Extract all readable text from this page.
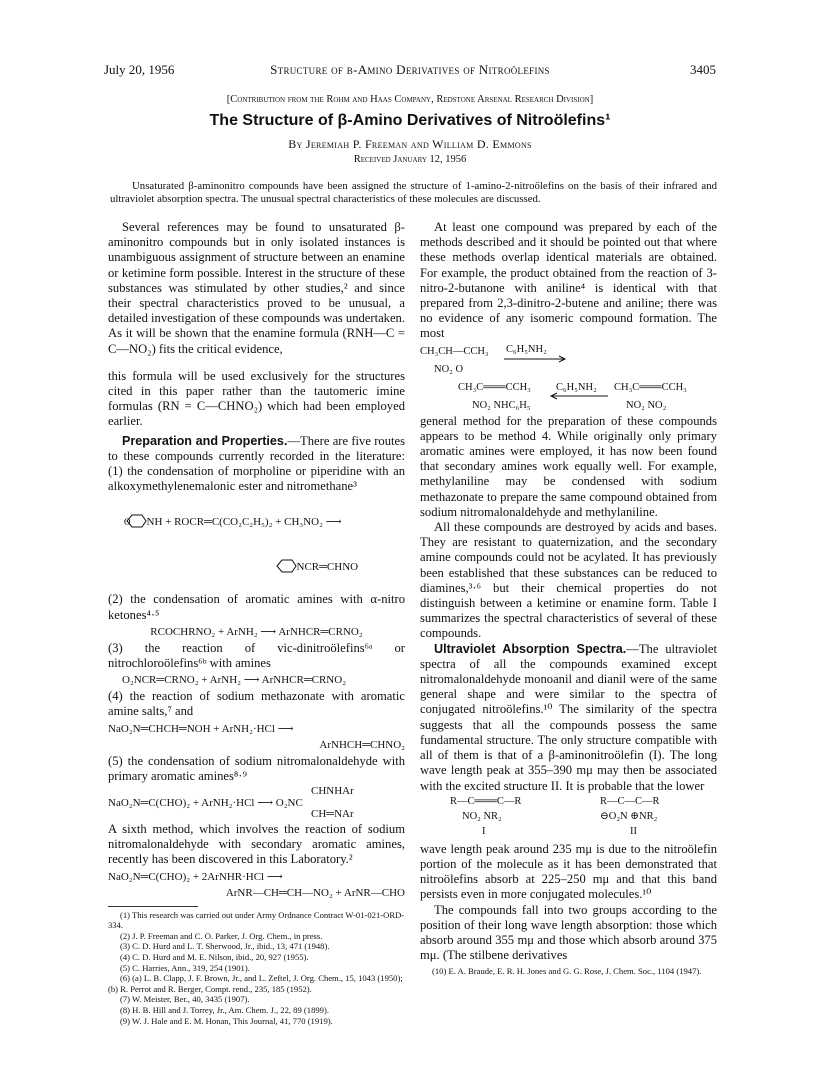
July 20, 1956	Structure of β-Amino Derivatives of Nitroölefins	3405
[Contribution from the Rohm and Haas Company, Redstone Arsenal Research Division]
The Structure of β-Amino Derivatives of Nitroölefins¹
By Jeremiah P. Freeman and William D. Emmons
Received January 12, 1956
Unsaturated β-aminonitro compounds have been assigned the structure of 1-amino-2-nitroölefins on the basis of their infrared and ultraviolet absorption spectra. The unusual spectral characteristics of these molecules are discussed.

Several references may be found to unsaturated β-aminonitro compounds but in only isolated instances is unambiguous assignment of structure between an enamine or ketimine form possible. Interest in the structure of these substances was stimulated by other studies,² and since their spectral characteristics proved to be unusual, a detailed investigation of these compounds was undertaken. As it will be shown that the enamine formula (RNH—C = C—NO₂) fits the critical evidence,

this formula will be used exclusively for the structures cited in this paper rather than the tautomeric imine formulas (RN = C—CHNO₂) which had been employed earlier.

Preparation and Properties.—There are five routes to these compounds currently recorded in the literature: (1) the condensation of morpholine or piperidine with an alkoxymethylenemalonic ester and nitromethane³

O NH + ROCR═C(CO₂C₂H₅)₂ + CH₃NO₂ ⟶

NCR═CHNO

(2) the condensation of aromatic amines with α-nitro ketones⁴·⁵

RCOCHRNO₂ + ArNH₂ ⟶ ArNHCR═CRNO₂

(3) the reaction of vic-dinitroölefins⁶ᵃ or nitrochloroölefins⁶ᵇ with amines

O₂NCR═CRNO₂ + ArNH₂ ⟶ ArNHCR═CRNO₂

(4) the reaction of sodium methazonate with aromatic amine salts,⁷ and

NaO₂N═CHCH═NOH + ArNH₂·HCl ⟶
ArNHCH═CHNO₂

(5) the condensation of sodium nitromalonaldehyde with primary aromatic amines⁸·⁹

CHNHAr

NaO₂N═C(CHO)₂ + ArNH₂·HCl ⟶ O₂NC

CH═NAr

A sixth method, which involves the reaction of sodium nitromalonaldehyde with secondary aromatic amines, recently has been discovered in this Laboratory.²

NaO₂N═C(CHO)₂ + 2ArNHR·HCl ⟶
ArNR—CH═CH—NO₂ + ArNR—CHO

(1) This research was carried out under Army Ordnance Contract W-01-021-ORD-334.

(2) J. P. Freeman and C. O. Parker, J. Org. Chem., in press.

(3) C. D. Hurd and L. T. Sherwood, Jr., ibid., 13, 471 (1948).

(4) C. D. Hurd and M. E. Nilson, ibid., 20, 927 (1955).

(5) C. Harries, Ann., 319, 254 (1901).

(6) (a) L. B. Clapp, J. F. Brown, Jr., and L. Zeftel, J. Org. Chem., 15, 1043 (1950); (b) R. Perrot and R. Berger, Compt. rend., 235, 185 (1952).

(7) W. Meister, Ber., 40, 3435 (1907).

(8) H. B. Hill and J. Torrey, Jr., Am. Chem. J., 22, 89 (1899).

(9) W. J. Hale and E. M. Honan, This Journal, 41, 770 (1919).

At least one compound was prepared by each of the methods described and it should be pointed out that where these methods overlap identical materials are obtained. For example, the product obtained from the reaction of 3-nitro-2-butanone with aniline⁴ is identical with that prepared from 2,3-dinitro-2-butene and aniline; there was no evidence of any isomeric compound formation. The most

CH₃CH—CCH₃ C₆H₅NH₂
NO₂ O
CH₃C═══CCH₃ C₆H₅NH₂ CH₃C═══CCH₃
NO₂ NHC₆H₅	NO₂ NO₂

general method for the preparation of these compounds appears to be method 4. While originally only primary aromatic amines were employed, it has now been found that secondary amines work equally well. For example, methylaniline may be condensed with sodium methazonate to prepare the same compound obtained from sodium nitromalonaldehyde and methylaniline.

All these compounds are destroyed by acids and bases. They are resistant to quaternization, and the secondary amine compounds could not be acylated. It has previously been established that these substances can be reduced to diamines,³·⁶ but their chemical properties do not distinguish between a ketimine or enamine form. Table I summarizes the spectral characteristics of several of these compounds.

Ultraviolet Absorption Spectra.—The ultraviolet spectra of all the compounds examined except nitromalonaldehyde monoanil and dianil were of the same general shape and were similar to the spectra of conjugated nitroölefins.¹⁰ The similarity of the spectra suggests that all the compounds possess the same fundamental structure. The only structure compatible with all of them is that of a β-aminonitroölefin (I). The long wave length peak at 355–390 mμ may then be associated with the excited structure II. It is probable that the lower

R—C═══C—R
NO₂ NR₂
I
R—C—C—R
⊖O₂N ⊕NR₂
II

wave length peak around 235 mμ is due to the nitroölefin portion of the molecule as it has been demonstrated that nitroölefins absorb at 225–250 mμ and that this band persists even in more conjugated molecules.¹⁰

The compounds fall into two groups according to the position of their long wave length absorption: those which absorb around 355 mμ and those which absorb around 375 mμ. (The stilbene derivatives

(10) E. A. Braude, E. R. H. Jones and G. G. Rose, J. Chem. Soc., 1104 (1947).
